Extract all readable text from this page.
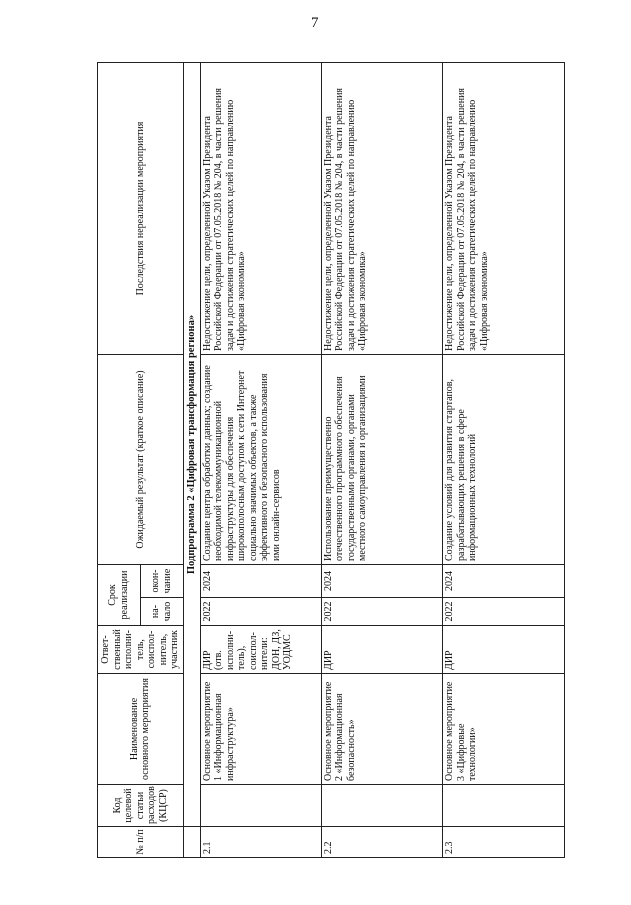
7
№ п/п	Код целевой статьи расходов (КЦСР)	Наименование основного мероприятия	Ответ-ственный исполни-тель, соиспол-нитель, участник	Срок реализации		Ожидаемый результат (краткое описание)	Последствия нереализации мероприятия
				на-чало	окон-чание		
	Подпрограмма 2 «Цифровая трансформация региона»						
2.1		Основное мероприятие 1 «Информационная инфраструктура»	ДИР (отв. исполни-тель), соиспол-нители: ДОН, ДЗ, УОДМС	2022	2024	Создание центра обработки данных; создание необходимой телекоммуникационной инфраструктуры для обеспечения широкополосным доступом к сети Интернет социально значимых объектов, а также эффективного и безопасного использования ими онлайн-сервисов	Недостижение цели, определенной Указом Президента Российской Федерации от 07.05.2018 № 204, в части решения задач и достижения стратегических целей по направлению «Цифровая экономика»
2.2		Основное мероприятие 2 «Информационная безопасность»	ДИР	2022	2024	Использование преимущественно отечественного программного обеспечения государственными органами, органами местного самоуправления и организациями	Недостижение цели, определенной Указом Президента Российской Федерации от 07.05.2018 № 204, в части решения задач и достижения стратегических целей по направлению «Цифровая экономика»
2.3		Основное мероприятие 3 «Цифровые технологии»	ДИР	2022	2024	Создание условий для развития стартапов, разрабатывающих решения в сфере информационных технологий	Недостижение цели, определенной Указом Президента Российской Федерации от 07.05.2018 № 204, в части решения задач и достижения стратегических целей по направлению «Цифровая экономика»
